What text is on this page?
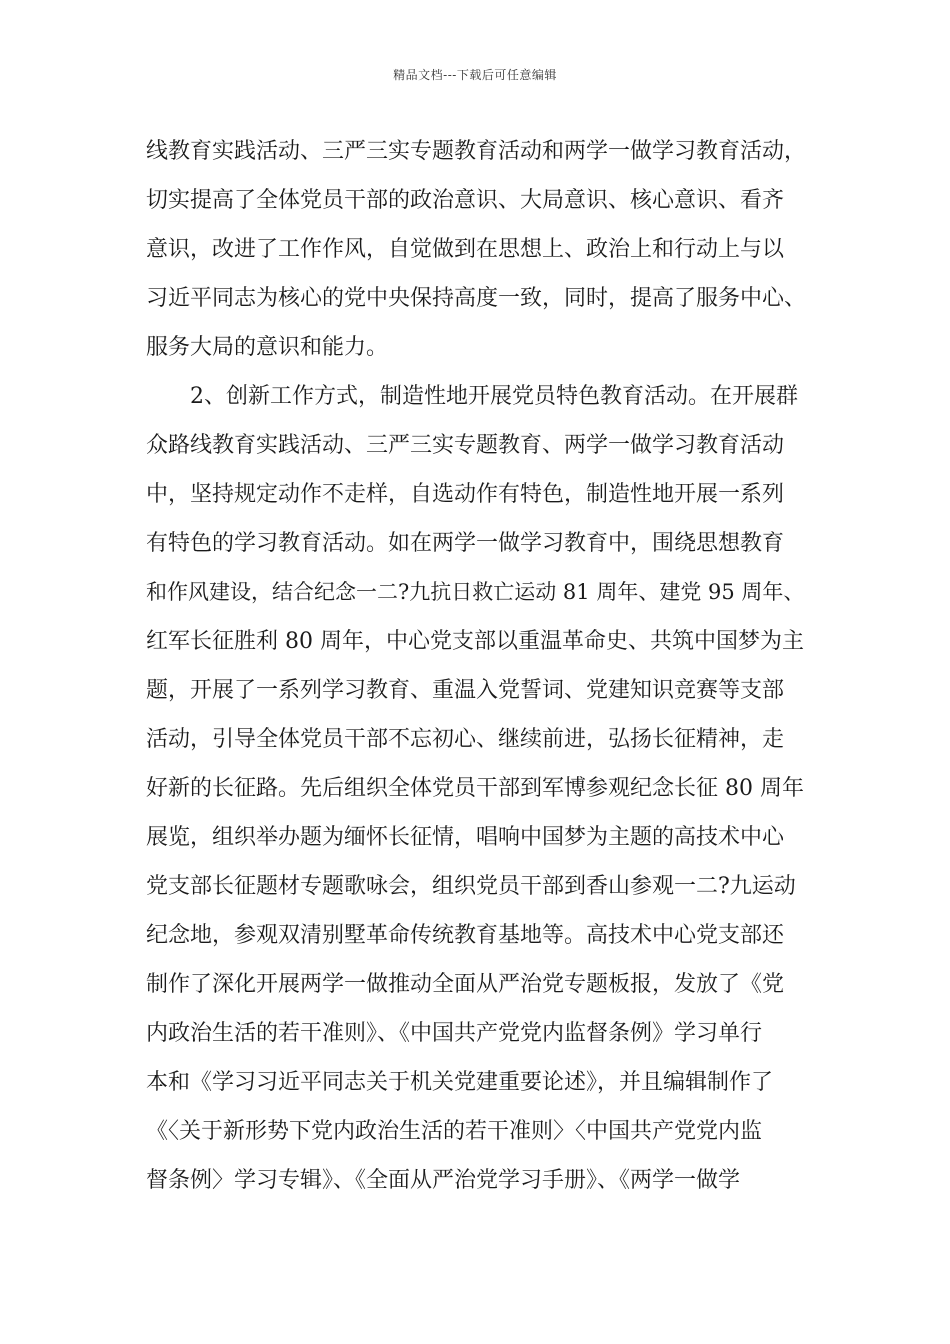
精品文档---下载后可任意编辑
线教育实践活动、三严三实专题教育活动和两学一做学习教育活动，
切实提高了全体党员干部的政治意识、大局意识、核心意识、看齐
意识，改进了工作作风，自觉做到在思想上、政治上和行动上与以
习近平同志为核心的党中央保持高度一致，同时，提高了服务中心、
服务大局的意识和能力。
2、创新工作方式，制造性地开展党员特色教育活动。在开展群
众路线教育实践活动、三严三实专题教育、两学一做学习教育活动
中，坚持规定动作不走样，自选动作有特色，制造性地开展一系列
有特色的学习教育活动。如在两学一做学习教育中，围绕思想教育
和作风建设，结合纪念一二?九抗日救亡运动 81 周年、建党 95 周年、
红军长征胜利 80 周年，中心党支部以重温革命史、共筑中国梦为主
题，开展了一系列学习教育、重温入党誓词、党建知识竞赛等支部
活动，引导全体党员干部不忘初心、继续前进，弘扬长征精神，走
好新的长征路。先后组织全体党员干部到军博参观纪念长征 80 周年
展览，组织举办题为缅怀长征情，唱响中国梦为主题的高技术中心
党支部长征题材专题歌咏会，组织党员干部到香山参观一二?九运动
纪念地，参观双清别墅革命传统教育基地等。高技术中心党支部还
制作了深化开展两学一做推动全面从严治党专题板报，发放了《党
内政治生活的若干准则》、《中国共产党党内监督条例》学习单行
本和《学习习近平同志关于机关党建重要论述》，并且编辑制作了
《〈关于新形势下党内政治生活的若干准则〉〈中国共产党党内监
督条例〉学习专辑》、《全面从严治党学习手册》、《两学一做学
